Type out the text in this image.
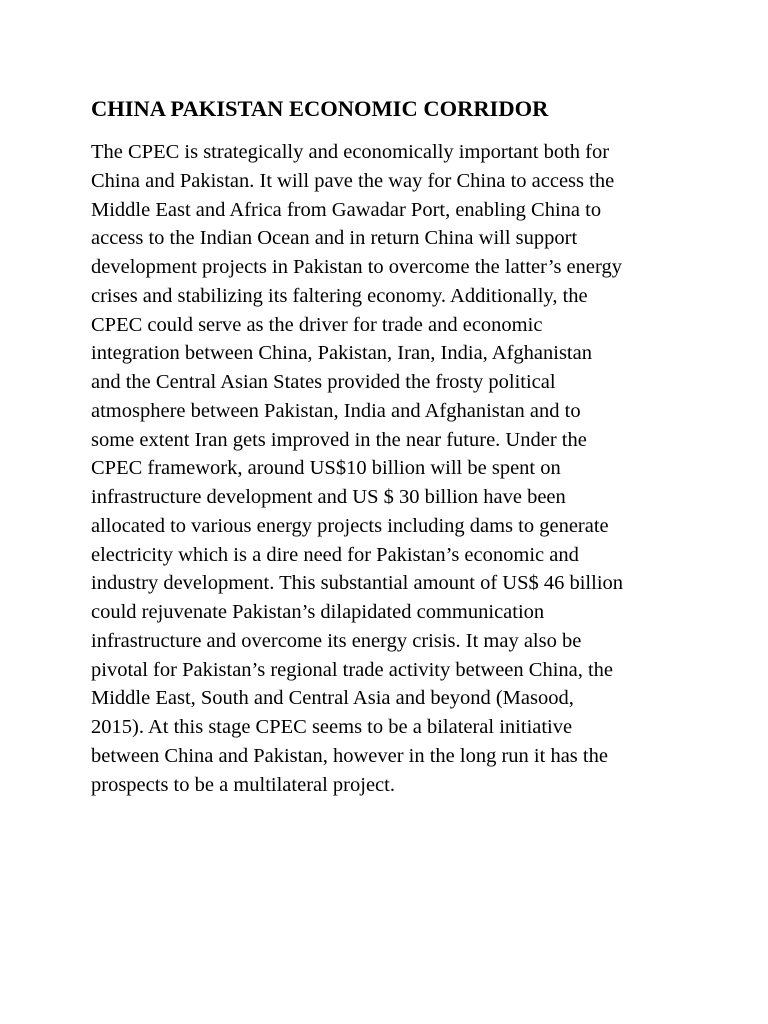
CHINA PAKISTAN ECONOMIC CORRIDOR
The CPEC is strategically and economically important both for
China and Pakistan. It will pave the way for China to access the
Middle East and Africa from Gawadar Port, enabling China to
access to the Indian Ocean and in return China will support
development projects in Pakistan to overcome the latter’s energy
crises and stabilizing its faltering economy. Additionally, the
CPEC could serve as the driver for trade and economic
integration between China, Pakistan, Iran, India, Afghanistan
and the Central Asian States provided the frosty political
atmosphere between Pakistan, India and Afghanistan and to
some extent Iran gets improved in the near future. Under the
CPEC framework, around US$10 billion will be spent on
infrastructure development and US $ 30 billion have been
allocated to various energy projects including dams to generate
electricity which is a dire need for Pakistan’s economic and
industry development. This substantial amount of US$ 46 billion
could rejuvenate Pakistan’s dilapidated communication
infrastructure and overcome its energy crisis. It may also be
pivotal for Pakistan’s regional trade activity between China, the
Middle East, South and Central Asia and beyond (Masood,
2015). At this stage CPEC seems to be a bilateral initiative
between China and Pakistan, however in the long run it has the
prospects to be a multilateral project.
